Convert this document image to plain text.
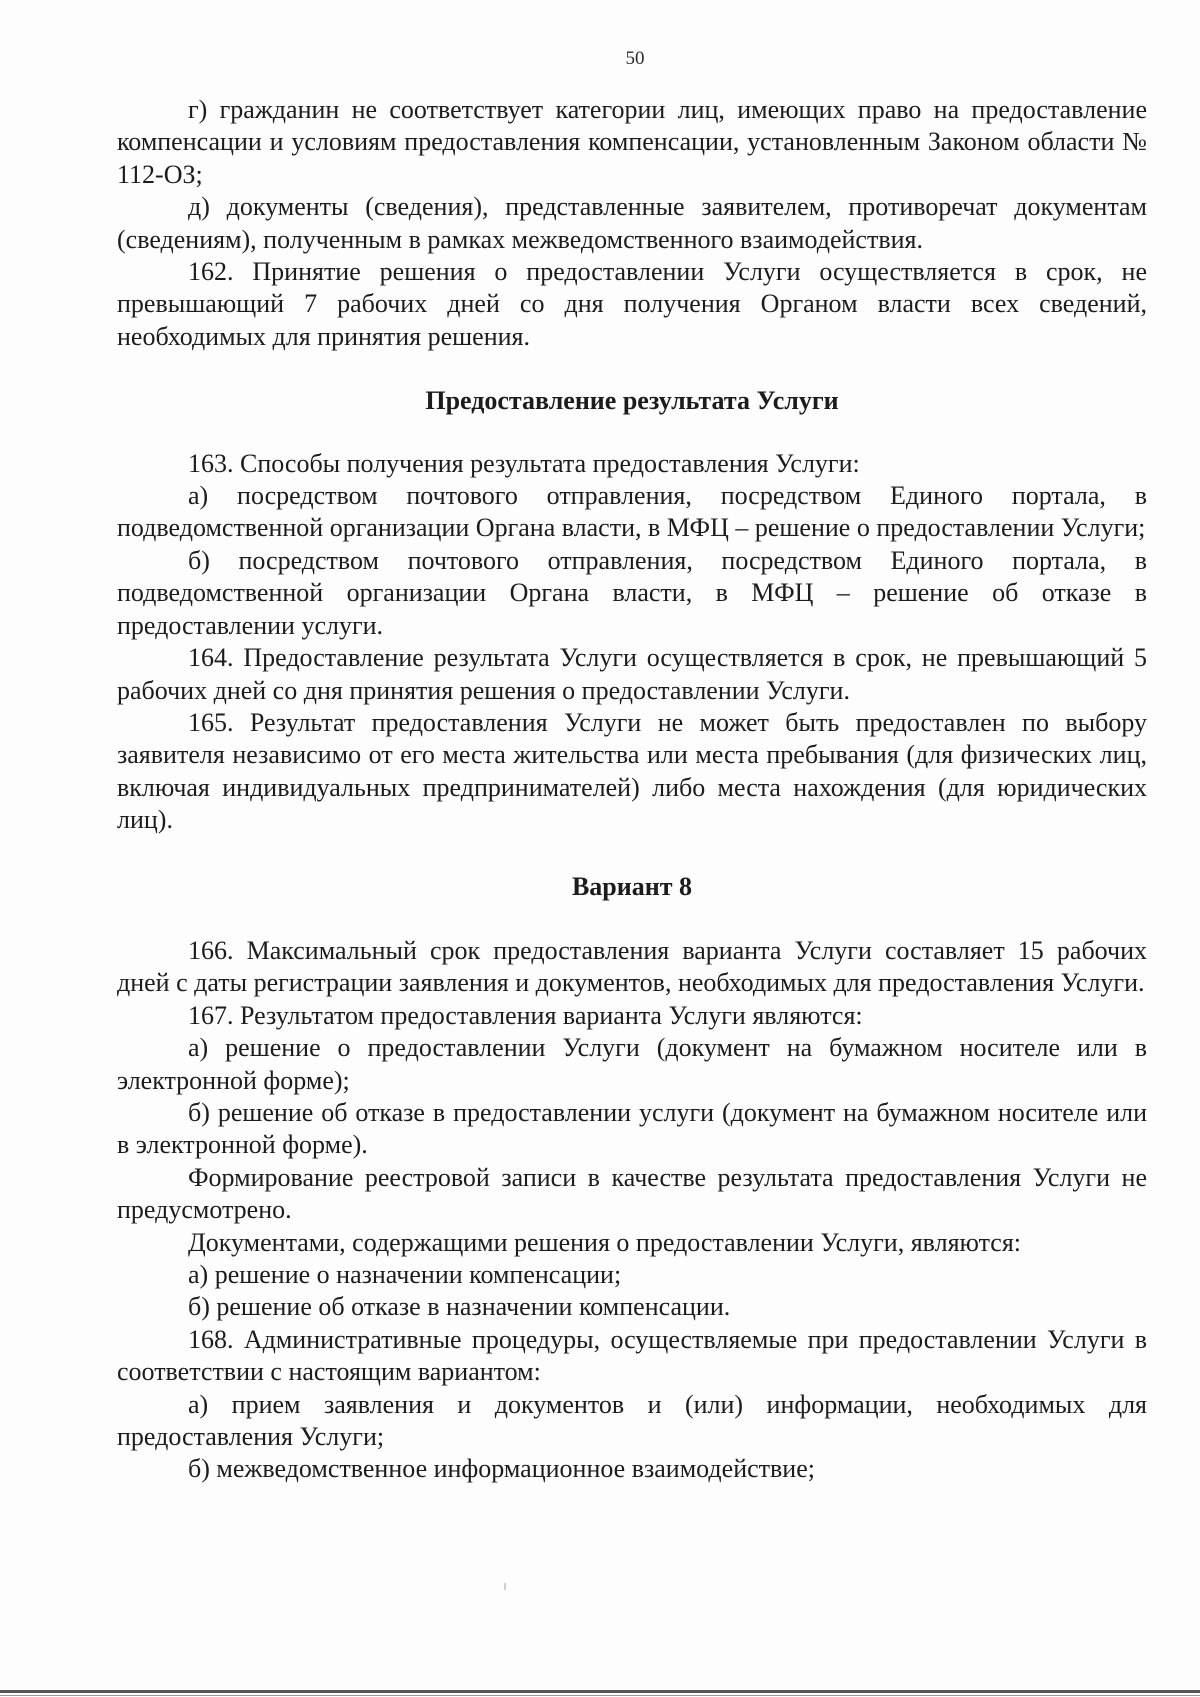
50

г) гражданин не соответствует категории лиц, имеющих право на предоставление компенсации и условиям предоставления компенсации, установленным Законом области № 112-ОЗ;

д) документы (сведения), представленные заявителем, противоречат документам (сведениям), полученным в рамках межведомственного взаимодействия.

162. Принятие решения о предоставлении Услуги осуществляется в срок, не превышающий 7 рабочих дней со дня получения Органом власти всех сведений, необходимых для принятия решения.

Предоставление результата Услуги

163. Способы получения результата предоставления Услуги:

а) посредством почтового отправления, посредством Единого портала, в подведомственной организации Органа власти, в МФЦ – решение о предоставлении Услуги;

б) посредством почтового отправления, посредством Единого портала, в подведомственной организации Органа власти, в МФЦ – решение об отказе в предоставлении услуги.

164. Предоставление результата Услуги осуществляется в срок, не превышающий 5 рабочих дней со дня принятия решения о предоставлении Услуги.

165. Результат предоставления Услуги не может быть предоставлен по выбору заявителя независимо от его места жительства или места пребывания (для физических лиц, включая индивидуальных предпринимателей) либо места нахождения (для юридических лиц).

Вариант 8

166. Максимальный срок предоставления варианта Услуги составляет 15 рабочих дней с даты регистрации заявления и документов, необходимых для предоставления Услуги.

167. Результатом предоставления варианта Услуги являются:

а) решение о предоставлении Услуги (документ на бумажном носителе или в электронной форме);

б) решение об отказе в предоставлении услуги (документ на бумажном носителе или в электронной форме).

Формирование реестровой записи в качестве результата предоставления Услуги не предусмотрено.

Документами, содержащими решения о предоставлении Услуги, являются:

а) решение о назначении компенсации;

б) решение об отказе в назначении компенсации.

168. Административные процедуры, осуществляемые при предоставлении Услуги в соответствии с настоящим вариантом:

а) прием заявления и документов и (или) информации, необходимых для предоставления Услуги;

б) межведомственное информационное взаимодействие;
